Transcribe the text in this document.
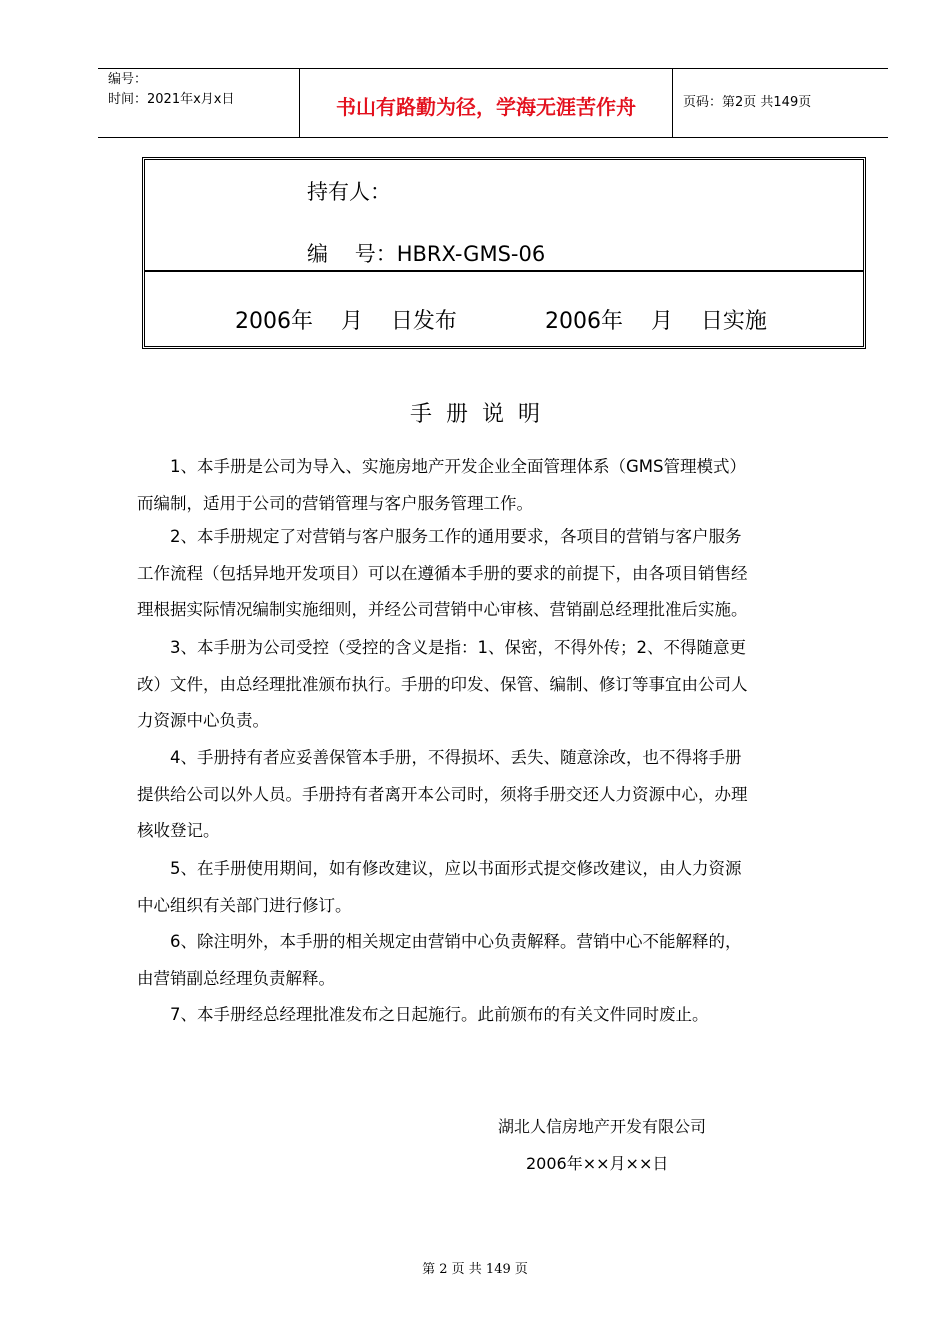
编号：
时间：2021年x月x日	书山有路勤为径，学海无涯苦作舟	页码：第2页 共149页
持有人：
编    号：HBRX-GMS-06
2006年    月    日发布	2006年    月    日实施
手册说明
1、本手册是公司为导入、实施房地产开发企业全面管理体系（GMS管理模式）
而编制，适用于公司的营销管理与客户服务管理工作。
2、本手册规定了对营销与客户服务工作的通用要求，各项目的营销与客户服务
工作流程（包括异地开发项目）可以在遵循本手册的要求的前提下，由各项目销售经
理根据实际情况编制实施细则，并经公司营销中心审核、营销副总经理批准后实施。
3、本手册为公司受控（受控的含义是指：1、保密，不得外传；2、不得随意更
改）文件，由总经理批准颁布执行。手册的印发、保管、编制、修订等事宜由公司人
力资源中心负责。
4、手册持有者应妥善保管本手册，不得损坏、丢失、随意涂改，也不得将手册
提供给公司以外人员。手册持有者离开本公司时，须将手册交还人力资源中心，办理
核收登记。
5、在手册使用期间，如有修改建议，应以书面形式提交修改建议，由人力资源
中心组织有关部门进行修订。
6、除注明外，本手册的相关规定由营销中心负责解释。营销中心不能解释的，
由营销副总经理负责解释。
7、本手册经总经理批准发布之日起施行。此前颁布的有关文件同时废止。
湖北人信房地产开发有限公司
2006年××月××日
第 2 页 共 149 页
